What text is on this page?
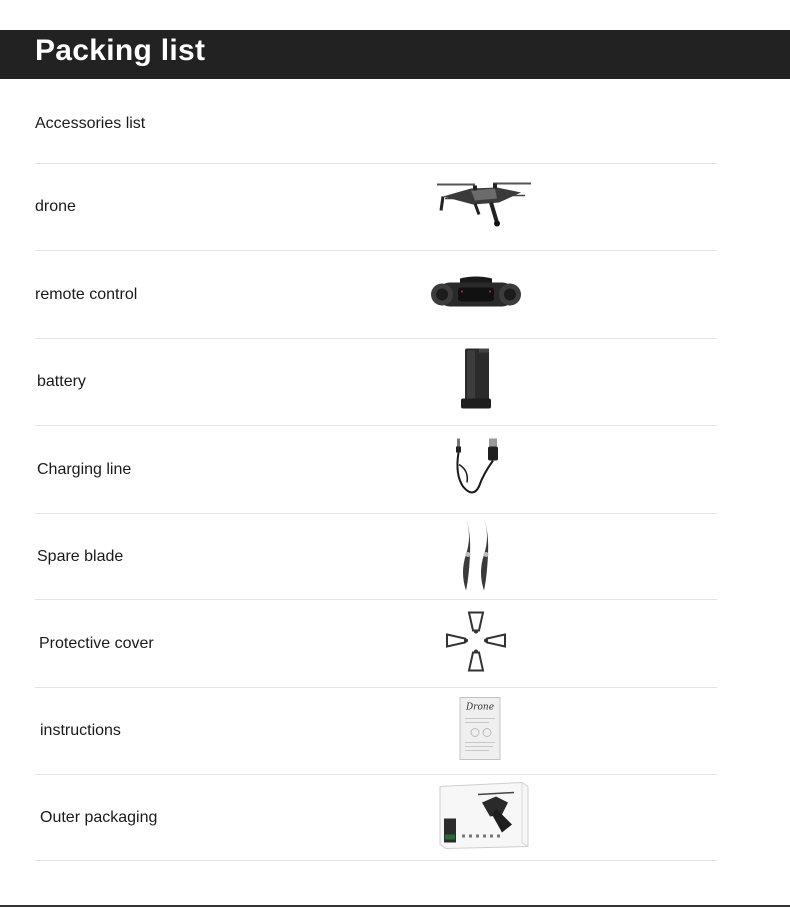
Packing list
Accessories list
drone
remote control
battery
Charging line
Spare blade
Protective cover
instructions
Drone
Outer packaging
